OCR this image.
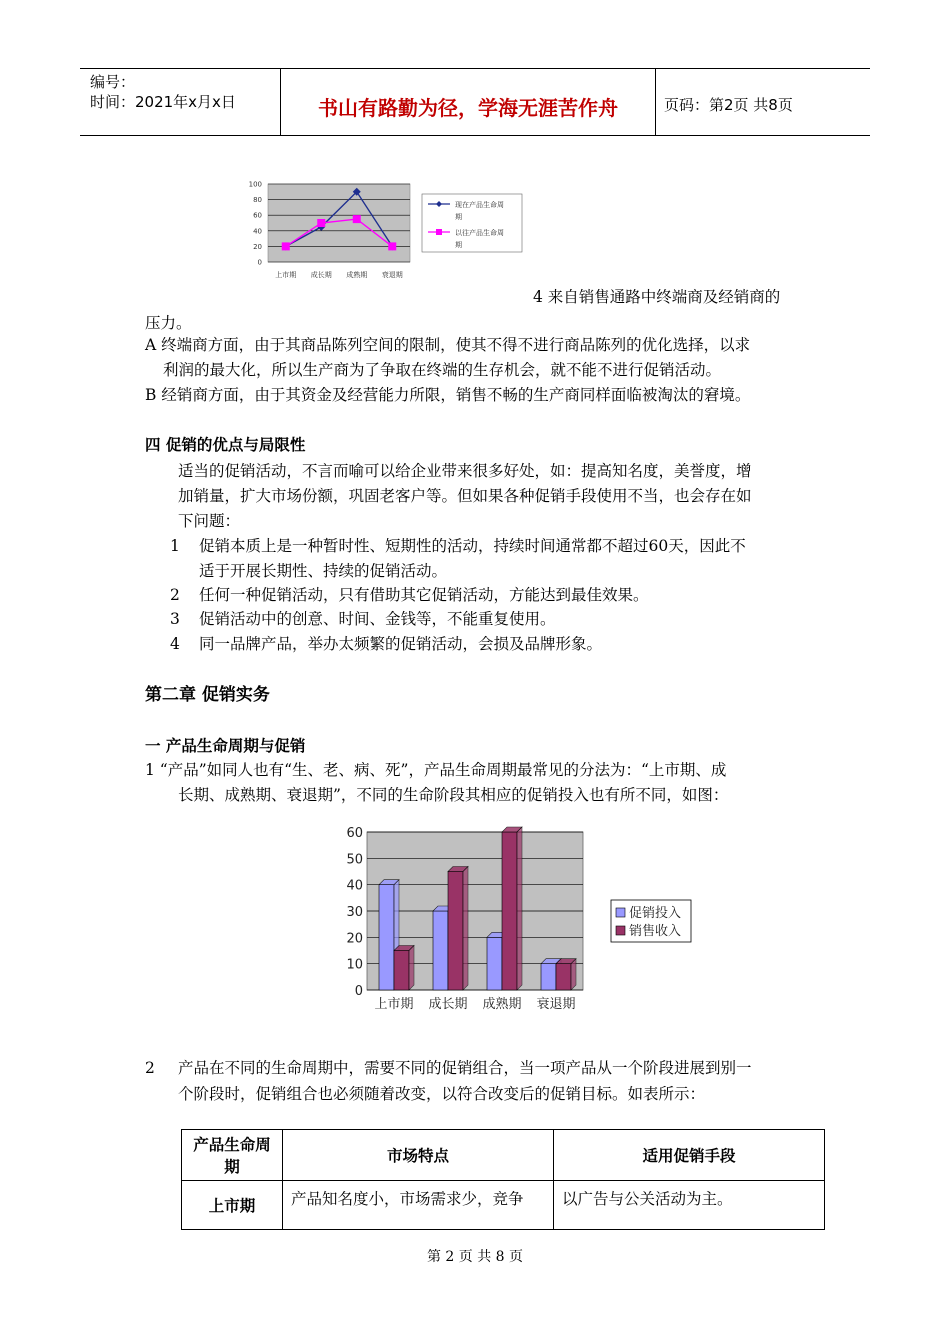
编号：
时间：2021年x月x日	书山有路勤为径，学海无涯苦作舟	页码：第2页 共8页
0
20
40
60
80
100
上市期 成长期 成熟期 衰退期
现在产品生命周
期
以往产品生命周
期

4 来自销售通路中终端商及经销商的

压力。

A 终端商方面，由于其商品陈列空间的限制，使其不得不进行商品陈列的优化选择，以求

利润的最大化，所以生产商为了争取在终端的生存机会，就不能不进行促销活动。

B 经销商方面，由于其资金及经营能力所限，销售不畅的生产商同样面临被淘汰的窘境。

四 促销的优点与局限性

适当的促销活动，不言而喻可以给企业带来很多好处，如：提高知名度，美誉度，增

加销量，扩大市场份额，巩固老客户等。但如果各种促销手段使用不当，也会存在如

下问题：

1 促销本质上是一种暂时性、短期性的活动，持续时间通常都不超过60天，因此不

适于开展长期性、持续的促销活动。

2 任何一种促销活动，只有借助其它促销活动，方能达到最佳效果。

3 促销活动中的创意、时间、金钱等，不能重复使用。

4 同一品牌产品，举办太频繁的促销活动，会损及品牌形象。

第二章 促销实务

一 产品生命周期与促销

1 “产品”如同人也有“生、老、病、死”，产品生命周期最常见的分法为：“上市期、成

长期、成熟期、衰退期”，不同的生命阶段其相应的促销投入也有所不同，如图：

0
10
20
30
40
50
60
上市期 成长期 成熟期 衰退期
促销投入
销售收入

2 产品在不同的生命周期中，需要不同的促销组合，当一项产品从一个阶段进展到别一

个阶段时，促销组合也必须随着改变，以符合改变后的促销目标。如表所示：

产品生命周期	市场特点	适用促销手段
上市期	产品知名度小，市场需求少，竞争	以广告与公关活动为主。
第 2 页 共 8 页
